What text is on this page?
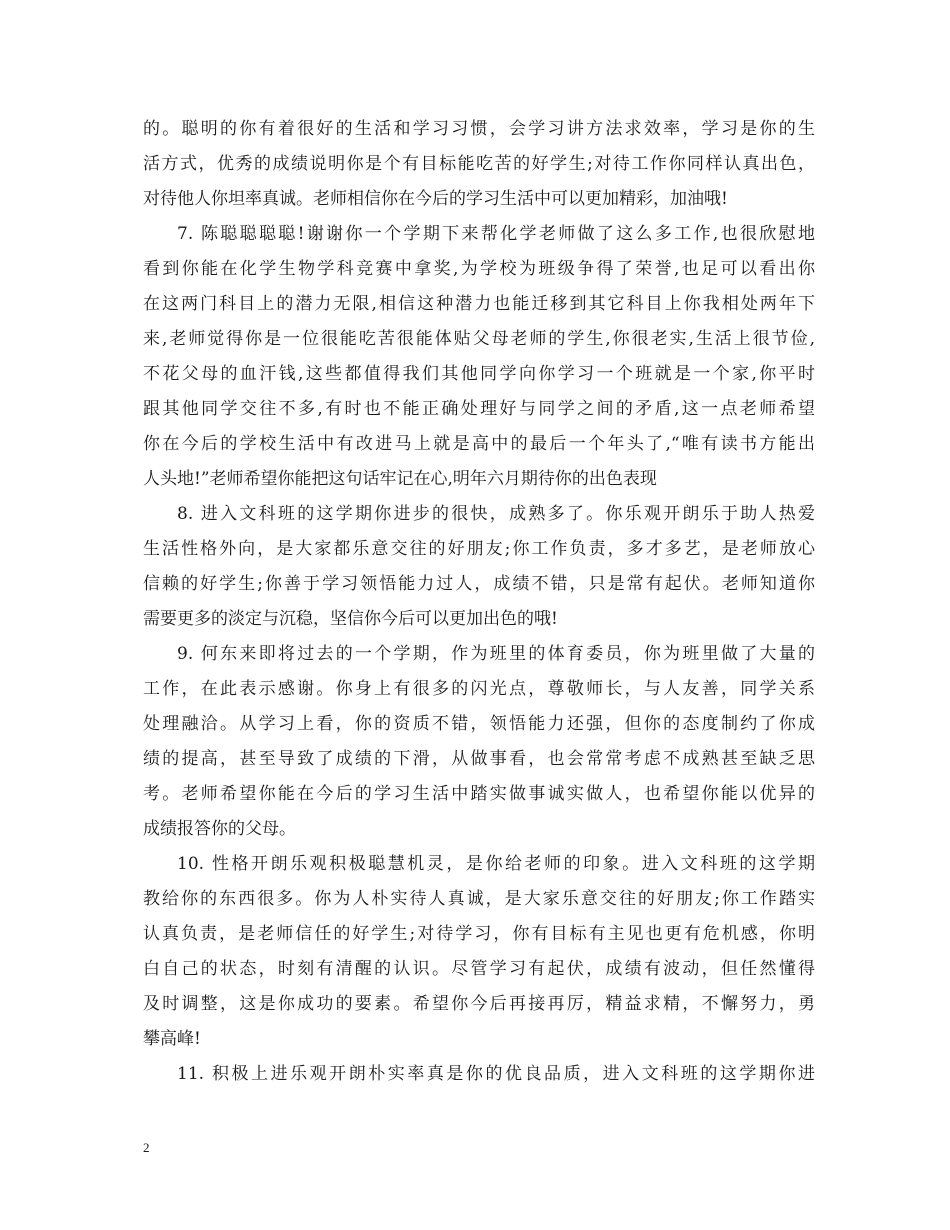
的。聪明的你有着很好的生活和学习习惯，会学习讲方法求效率，学习是你的生
活方式，优秀的成绩说明你是个有目标能吃苦的好学生;对待工作你同样认真出色，
对待他人你坦率真诚。老师相信你在今后的学习生活中可以更加精彩，加油哦!
7. 陈聪聪聪聪!谢谢你一个学期下来帮化学老师做了这么多工作,也很欣慰地
看到你能在化学生物学科竞赛中拿奖,为学校为班级争得了荣誉,也足可以看出你
在这两门科目上的潜力无限,相信这种潜力也能迁移到其它科目上你我相处两年下
来,老师觉得你是一位很能吃苦很能体贴父母老师的学生,你很老实,生活上很节俭,
不花父母的血汗钱,这些都值得我们其他同学向你学习一个班就是一个家,你平时
跟其他同学交往不多,有时也不能正确处理好与同学之间的矛盾,这一点老师希望
你在今后的学校生活中有改进马上就是高中的最后一个年头了,“唯有读书方能出
人头地!”老师希望你能把这句话牢记在心,明年六月期待你的出色表现
8. 进入文科班的这学期你进步的很快，成熟多了。你乐观开朗乐于助人热爱
生活性格外向，是大家都乐意交往的好朋友;你工作负责，多才多艺，是老师放心
信赖的好学生;你善于学习领悟能力过人，成绩不错，只是常有起伏。老师知道你
需要更多的淡定与沉稳，坚信你今后可以更加出色的哦!
9. 何东来即将过去的一个学期，作为班里的体育委员，你为班里做了大量的
工作，在此表示感谢。你身上有很多的闪光点，尊敬师长，与人友善，同学关系
处理融洽。从学习上看，你的资质不错，领悟能力还强，但你的态度制约了你成
绩的提高，甚至导致了成绩的下滑，从做事看，也会常常考虑不成熟甚至缺乏思
考。老师希望你能在今后的学习生活中踏实做事诚实做人，也希望你能以优异的
成绩报答你的父母。
10. 性格开朗乐观积极聪慧机灵，是你给老师的印象。进入文科班的这学期
教给你的东西很多。你为人朴实待人真诚，是大家乐意交往的好朋友;你工作踏实
认真负责，是老师信任的好学生;对待学习，你有目标有主见也更有危机感，你明
白自己的状态，时刻有清醒的认识。尽管学习有起伏，成绩有波动，但任然懂得
及时调整，这是你成功的要素。希望你今后再接再厉，精益求精，不懈努力，勇
攀高峰!
11. 积极上进乐观开朗朴实率真是你的优良品质，进入文科班的这学期你进
2
